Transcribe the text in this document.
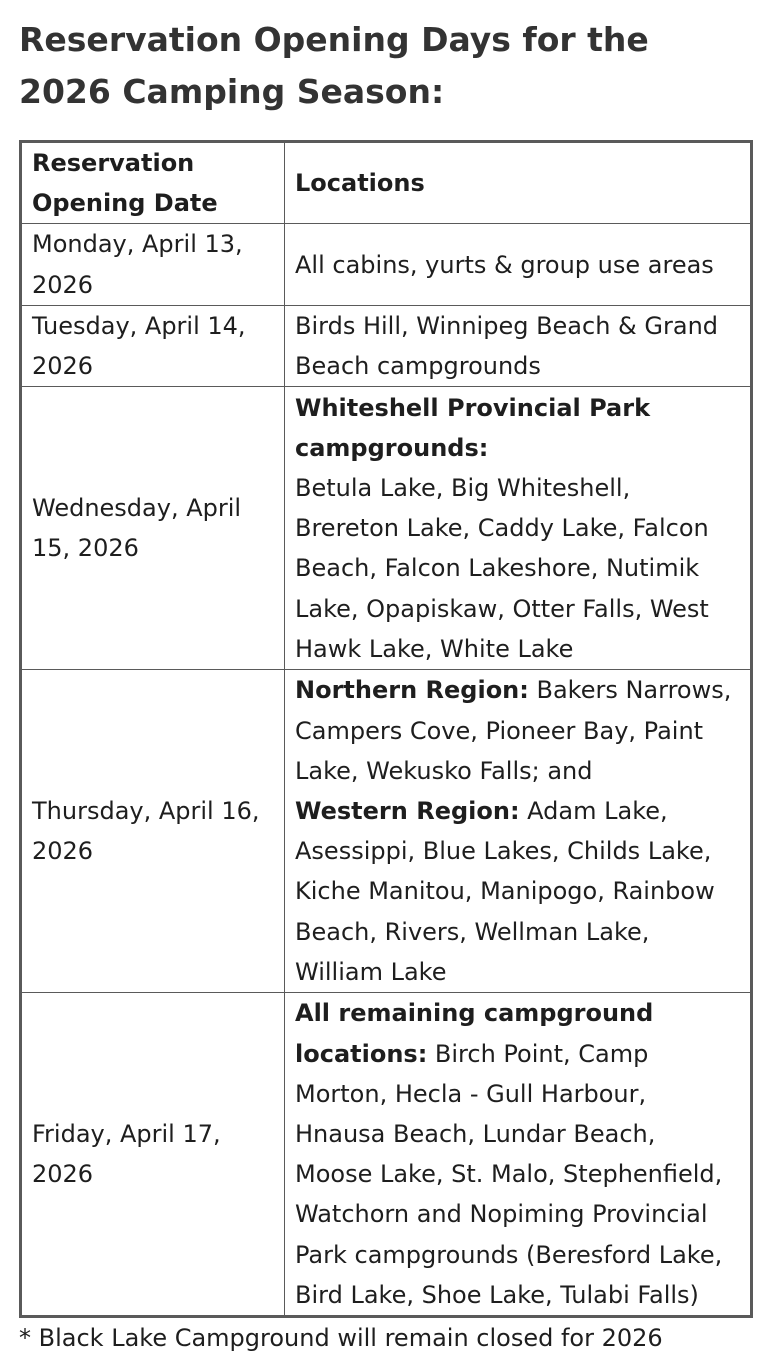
Reservation Opening Days for the 2026 Camping Season:
Reservation Opening Date	Locations
Monday, April 13, 2026	All cabins, yurts & group use areas

Tuesday, April 14, 2026	Birds Hill, Winnipeg Beach & Grand Beach campgrounds

Wednesday, April 15, 2026	Whiteshell Provincial Park campgrounds:
Betula Lake, Big Whiteshell, Brereton Lake, Caddy Lake, Falcon Beach, Falcon Lakeshore, Nutimik Lake, Opapiskaw, Otter Falls, West Hawk Lake, White Lake

Thursday, April 16, 2026	Northern Region: Bakers Narrows, Campers Cove, Pioneer Bay, Paint Lake, Wekusko Falls; and
Western Region: Adam Lake, Asessippi, Blue Lakes, Childs Lake, Kiche Manitou, Manipogo, Rainbow Beach, Rivers, Wellman Lake, William Lake

Friday, April 17, 2026	All remaining campground locations: Birch Point, Camp Morton, Hecla - Gull Harbour, Hnausa Beach, Lundar Beach, Moose Lake, St. Malo, Stephenfield, Watchorn and Nopiming Provincial Park campgrounds (Beresford Lake, Bird Lake, Shoe Lake, Tulabi Falls)

* Black Lake Campground will remain closed for 2026
